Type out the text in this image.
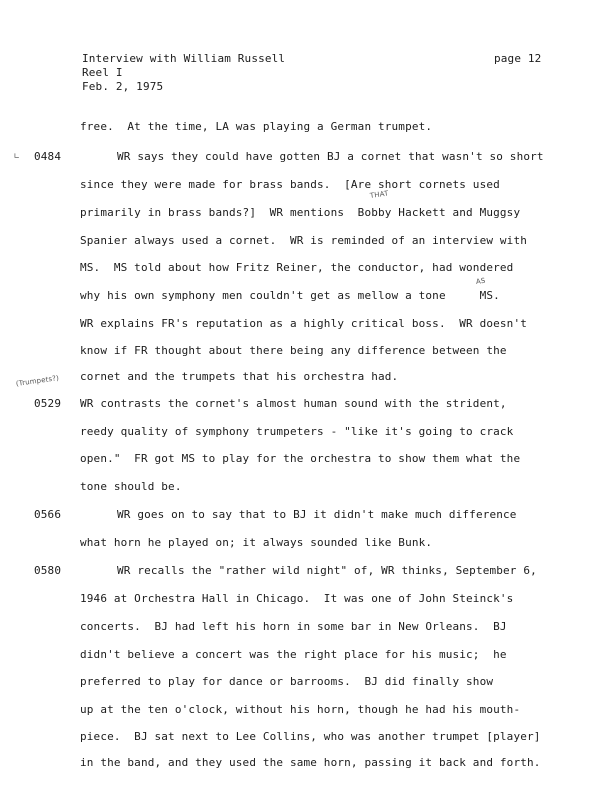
Interview with William Russell
Reel I
Feb. 2, 1975
page 12
free.  At the time, LA was playing a German trumpet.
∟ 0484	WR says they could have gotten BJ a cornet that wasn't so short
since they were made for brass bands.  [Are short cornets used
THAT
primarily in brass bands?]  WR mentions  Bobby Hackett and Muggsy
Spanier always used a cornet.  WR is reminded of an interview with
MS.  MS told about how Fritz Reiner, the conductor, had wondered
AS
why his own symphony men couldn't get as mellow a tone     MS.
WR explains FR's reputation as a highly critical boss.  WR doesn't
know if FR thought about there being any difference between the
(Trumpets?) cornet and the trumpets that his orchestra had.
0529 WR contrasts the cornet's almost human sound with the strident,
reedy quality of symphony trumpeters - "like it's going to crack
open."  FR got MS to play for the orchestra to show them what the
tone should be.
0566	WR goes on to say that to BJ it didn't make much difference
what horn he played on; it always sounded like Bunk.
0580	WR recalls the "rather wild night" of, WR thinks, September 6,
1946 at Orchestra Hall in Chicago.  It was one of John Steinck's
concerts.  BJ had left his horn in some bar in New Orleans.  BJ
didn't believe a concert was the right place for his music;  he
preferred to play for dance or barrooms.  BJ did finally show
up at the ten o'clock, without his horn, though he had his mouth-
piece.  BJ sat next to Lee Collins, who was another trumpet [player]
in the band, and they used the same horn, passing it back and forth.
